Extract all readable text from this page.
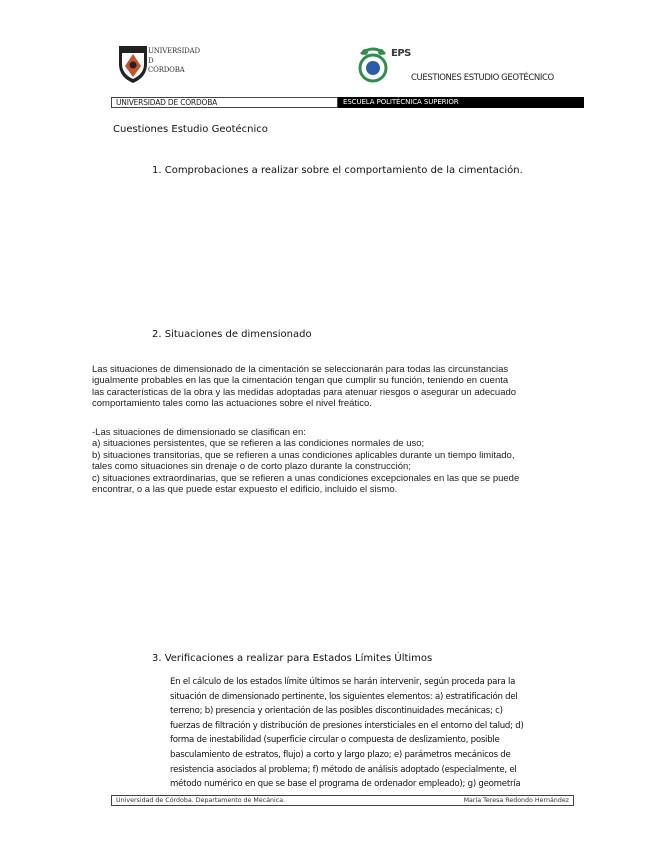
UNIVERSIDAD
D
CÓRDOBA
EPS
CUESTIONES ESTUDIO GEOTÉCNICO
UNIVERSIDAD DE CÓRDOBA	ESCUELA POLITÉCNICA SUPERIOR
Cuestiones Estudio Geotécnico
1. Comprobaciones a realizar sobre el comportamiento de la cimentación.
2. Situaciones de dimensionado

Las situaciones de dimensionado de la cimentación se seleccionarán para todas las circunstancias

igualmente probables en las que la cimentación tengan que cumplir su función, teniendo en cuenta

las características de la obra y las medidas adoptadas para atenuar riesgos o asegurar un adecuado

comportamiento tales como las actuaciones sobre el nivel freático.

-Las situaciones de dimensionado se clasifican en:

a) situaciones persistentes, que se refieren a las condiciones normales de uso;

b) situaciones transitorias, que se refieren a unas condiciones aplicables durante un tiempo limitado,

tales como situaciones sin drenaje o de corto plazo durante la construcción;

c) situaciones extraordinarias, que se refieren a unas condiciones excepcionales en las que se puede

encontrar, o a las que puede estar expuesto el edificio, incluido el sismo.

3. Verificaciones a realizar para Estados Límites Últimos

En el cálculo de los estados límite últimos se harán intervenir, según proceda para la

situación de dimensionado pertinente, los siguientes elementos: a) estratificación del

terreno; b) presencia y orientación de las posibles discontinuidades mecánicas; c)

fuerzas de filtración y distribución de presiones intersticiales en el entorno del talud; d)

forma de inestabilidad (superficie circular o compuesta de deslizamiento, posible

basculamiento de estratos, flujo) a corto y largo plazo; e) parámetros mecánicos de

resistencia asociados al problema; f) método de análisis adoptado (especialmente, el

método numérico en que se base el programa de ordenador empleado); g) geometría

Universidad de Córdoba. Departamento de Mecánica.	María Teresa Redondo Hernández
